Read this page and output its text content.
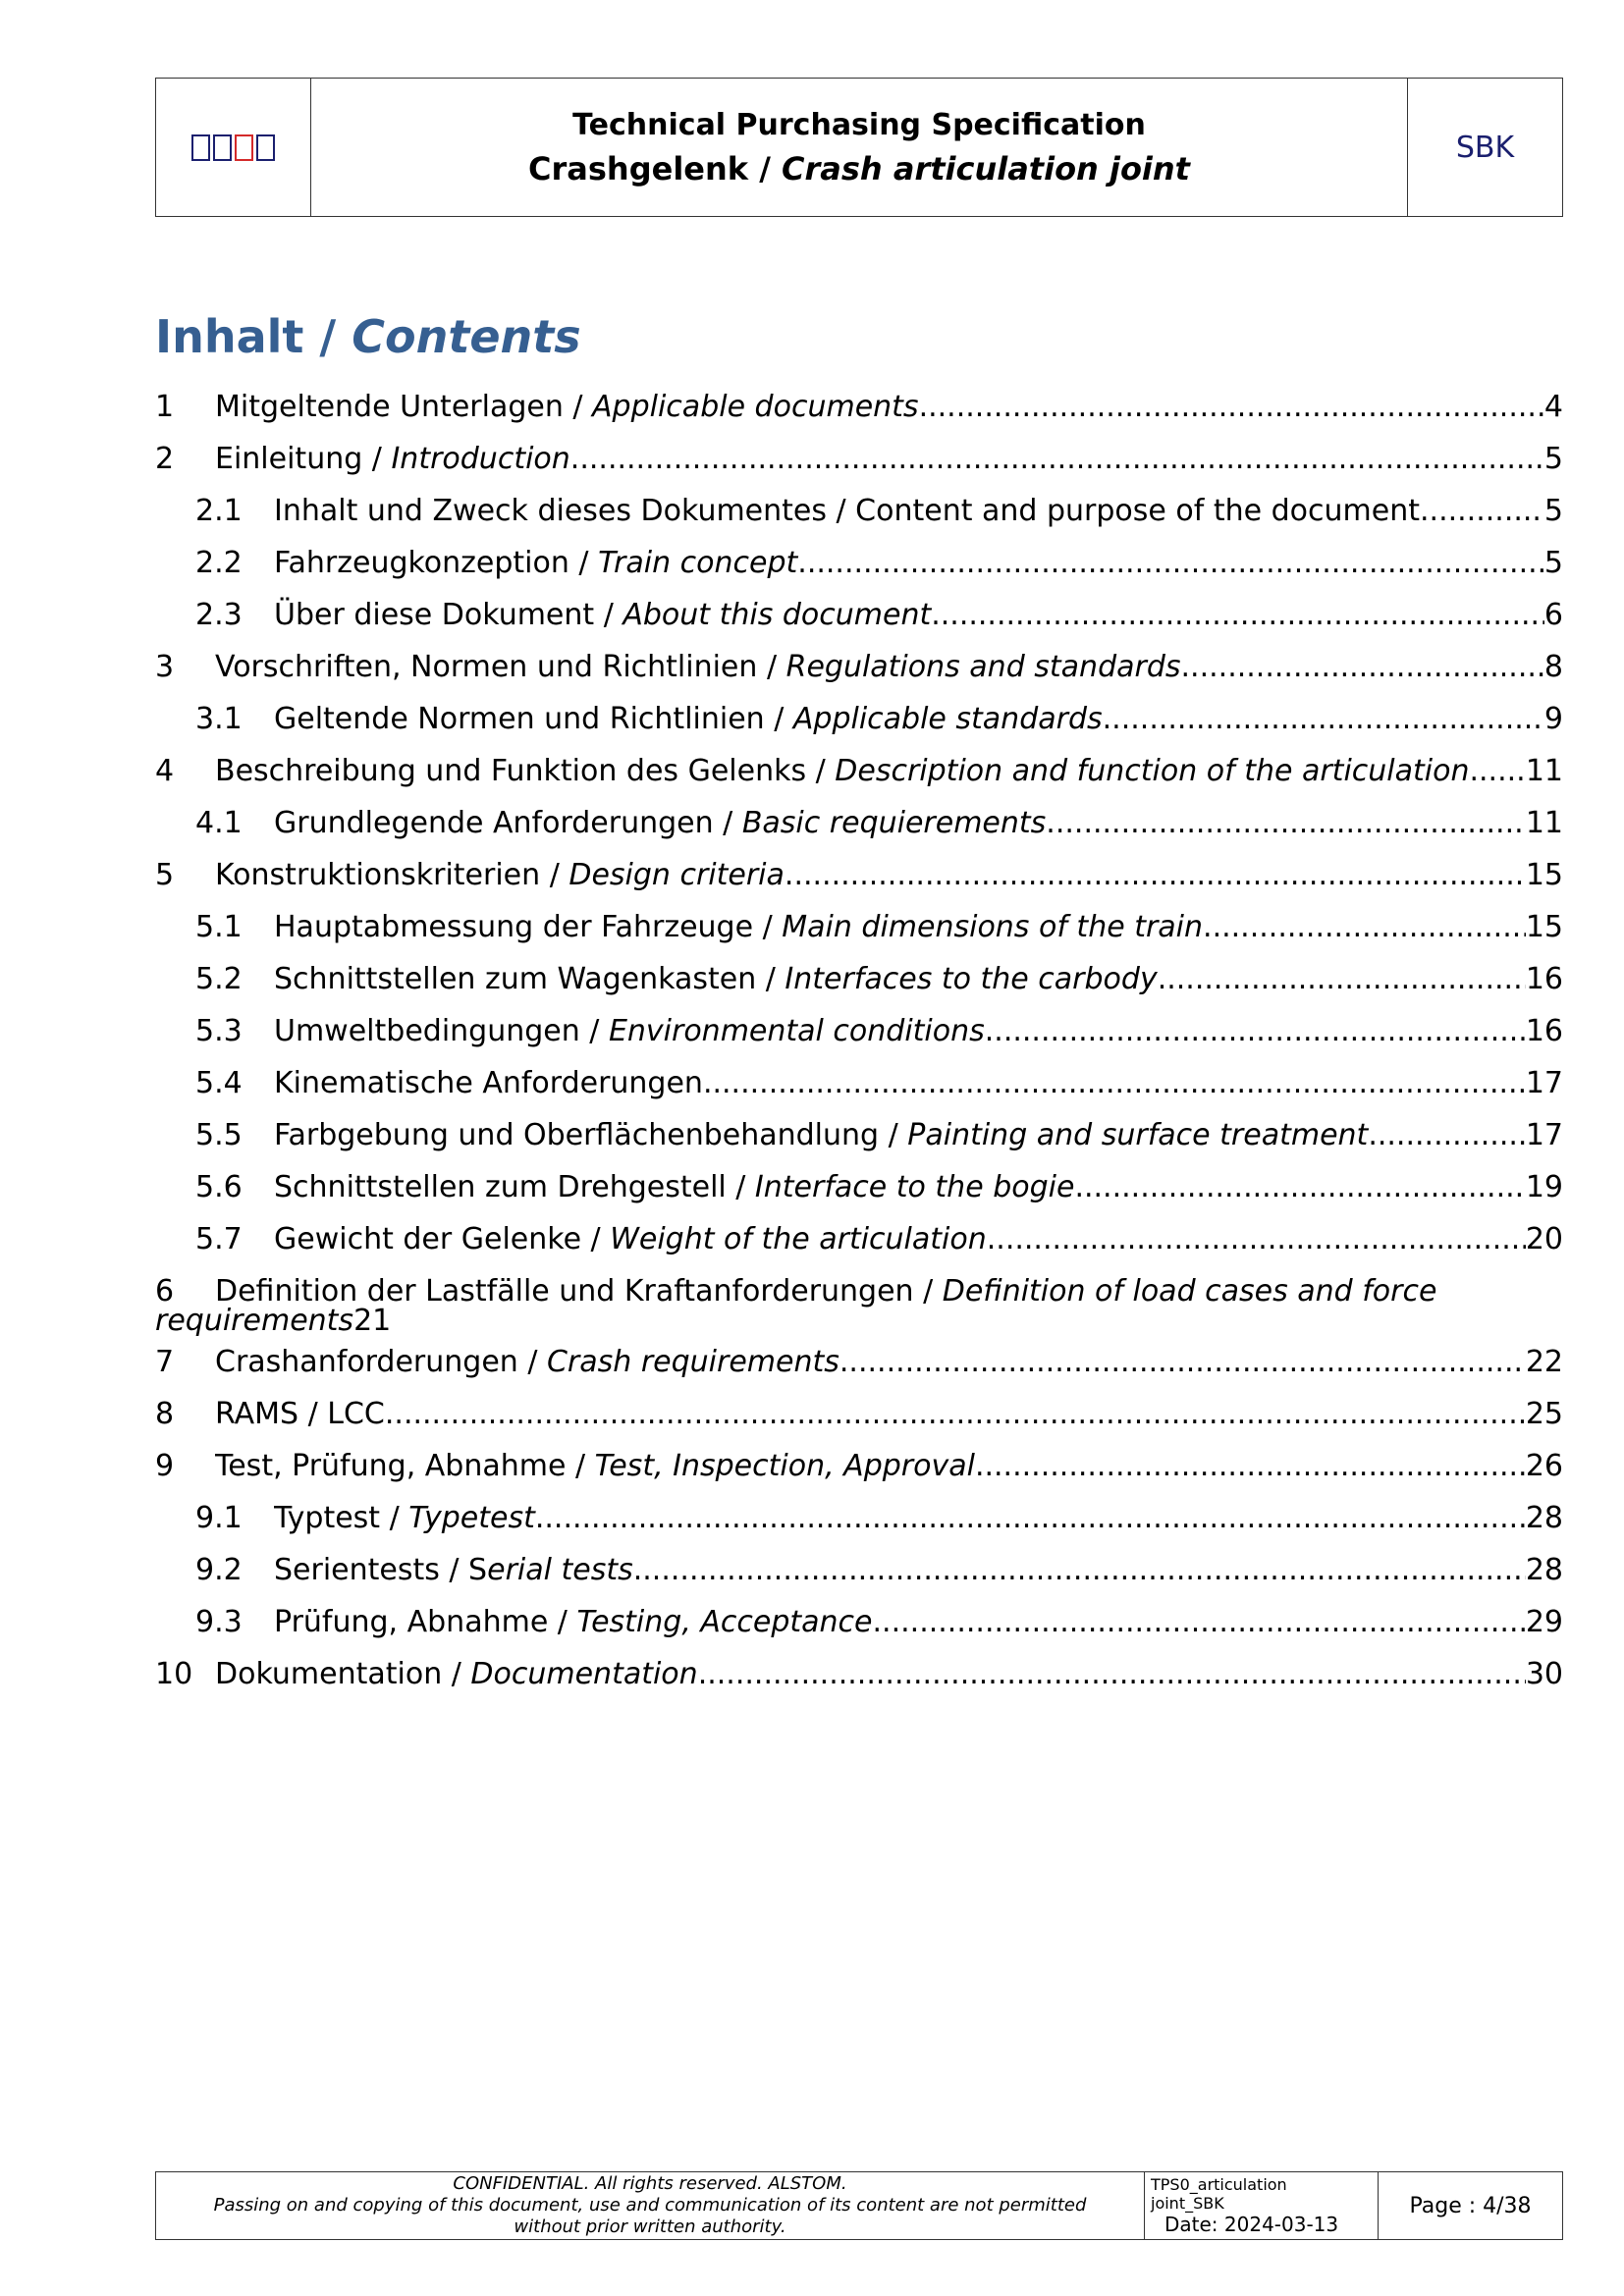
Technical Purchasing Specification
Crashgelenk / Crash articulation joint
SBK
Inhalt / Contents
1 Mitgeltende Unterlagen / Applicable documents .....	4
2 Einleitung / Introduction .....	5
2.1 Inhalt und Zweck dieses Dokumentes / Content and purpose of the document .....	5
2.2 Fahrzeugkonzeption / Train concept .....	5
2.3 Über diese Dokument / About this document .....	6
3 Vorschriften, Normen und Richtlinien / Regulations and standards .....	8
3.1 Geltende Normen und Richtlinien / Applicable standards .....	9
4 Beschreibung und Funktion des Gelenks / Description and function of the articulation ..... 11
4.1 Grundlegende Anforderungen / Basic requierements .....	11
5 Konstruktionskriterien / Design criteria .....	15
5.1 Hauptabmessung der Fahrzeuge / Main dimensions of the train .....	15
5.2 Schnittstellen zum Wagenkasten / Interfaces to the carbody .....	16
5.3 Umweltbedingungen / Environmental conditions .....	16
5.4 Kinematische Anforderungen .....	17
5.5 Farbgebung und Oberflächenbehandlung / Painting and surface treatment .....	17
5.6 Schnittstellen zum Drehgestell / Interface to the bogie .....	19
5.7 Gewicht der Gelenke / Weight of the articulation .....	20
6 Definition der Lastfälle und Kraftanforderungen / Definition of load cases and force
requirements 21
7 Crashanforderungen / Crash requirements .....	22
8 RAMS / LCC .....	25
9 Test, Prüfung, Abnahme / Test, Inspection, Approval .....	26
9.1 Typtest / Typetest .....	28
9.2 Serientests / Serial tests .....	28
9.3 Prüfung, Abnahme / Testing, Acceptance .....	29
10 Dokumentation / Documentation .....	30
CONFIDENTIAL. All rights reserved. ALSTOM.
Passing on and copying of this document, use and communication of its content are not permitted
without prior written authority.
TPS0_articulation
joint_SBK
Date: 2024-03-13
Page : 4/38
